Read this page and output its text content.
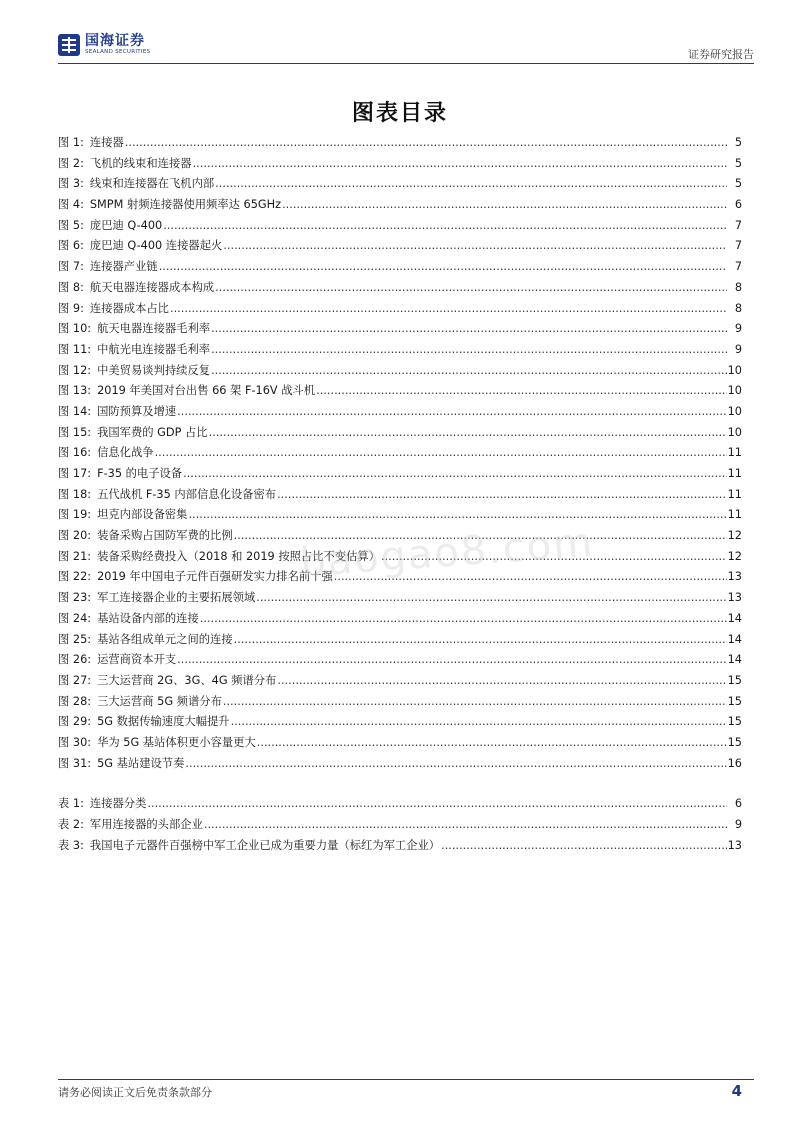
国海证券
SEALAND SECURITIES	证券研究报告
图表目录
图 1: 连接器 .....	5
图 2: 飞机的线束和连接器 .....	5
图 3: 线束和连接器在飞机内部 .....	5
图 4: SMPM 射频连接器使用频率达 65GHz .....	6
图 5: 庞巴迪 Q-400 .....	7
图 6: 庞巴迪 Q-400 连接器起火 .....	7
图 7: 连接器产业链 .....	7
图 8: 航天电器连接器成本构成 .....	8
图 9: 连接器成本占比 .....	8
图 10: 航天电器连接器毛利率 .....	9
图 11: 中航光电连接器毛利率 .....	9
图 12: 中美贸易谈判持续反复 .....	10
图 13: 2019 年美国对台出售 66 架 F-16V 战斗机 .....	10
图 14: 国防预算及增速 .....	10
图 15: 我国军费的 GDP 占比 .....	10
图 16: 信息化战争 .....	11
图 17: F-35 的电子设备 .....	11
图 18: 五代战机 F-35 内部信息化设备密布 .....	11
图 19: 坦克内部设备密集 .....	11
图 20: 装备采购占国防军费的比例 .....	12
图 21: 装备采购经费投入（2018 和 2019 按照占比不变估算） .....	12
图 22: 2019 年中国电子元件百强研发实力排名前十强 .....	13
图 23: 军工连接器企业的主要拓展领域 .....	13
图 24: 基站设备内部的连接 .....	14
图 25: 基站各组成单元之间的连接 .....	14
图 26: 运营商资本开支 .....	14
图 27: 三大运营商 2G、3G、4G 频谱分布 .....	15
图 28: 三大运营商 5G 频谱分布 .....	15
图 29: 5G 数据传输速度大幅提升 .....	15
图 30: 华为 5G 基站体积更小容量更大 .....	15
图 31: 5G 基站建设节奏 .....	16
表 1: 连接器分类 .....	6
表 2: 军用连接器的头部企业 .....	9
表 3: 我国电子元器件百强榜中军工企业已成为重要力量（标红为军工企业） .....	13
baogao8.com
请务必阅读正文后免责条款部分	4
